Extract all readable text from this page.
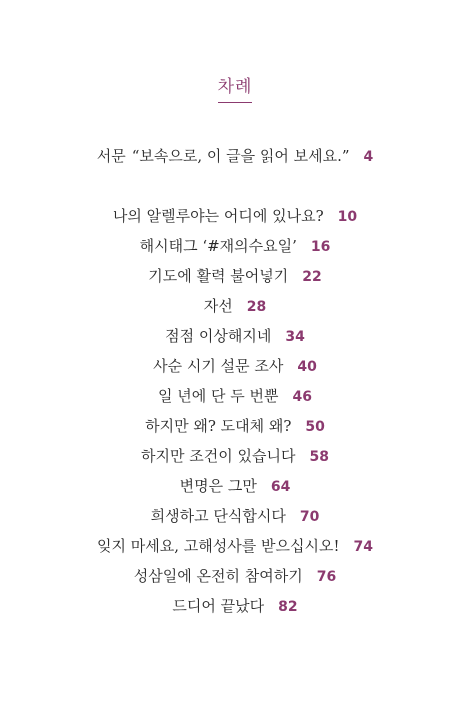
차례
서문 “보속으로, 이 글을 읽어 보세요.” 4
나의 알렐루야는 어디에 있나요? 10
해시태그 ‘#재의수요일’ 16
기도에 활력 불어넣기 22
자선 28
점점 이상해지네 34
사순 시기 설문 조사 40
일 년에 단 두 번뿐 46
하지만 왜? 도대체 왜? 50
하지만 조건이 있습니다 58
변명은 그만 64
희생하고 단식합시다 70
잊지 마세요, 고해성사를 받으십시오! 74
성삼일에 온전히 참여하기 76
드디어 끝났다 82
